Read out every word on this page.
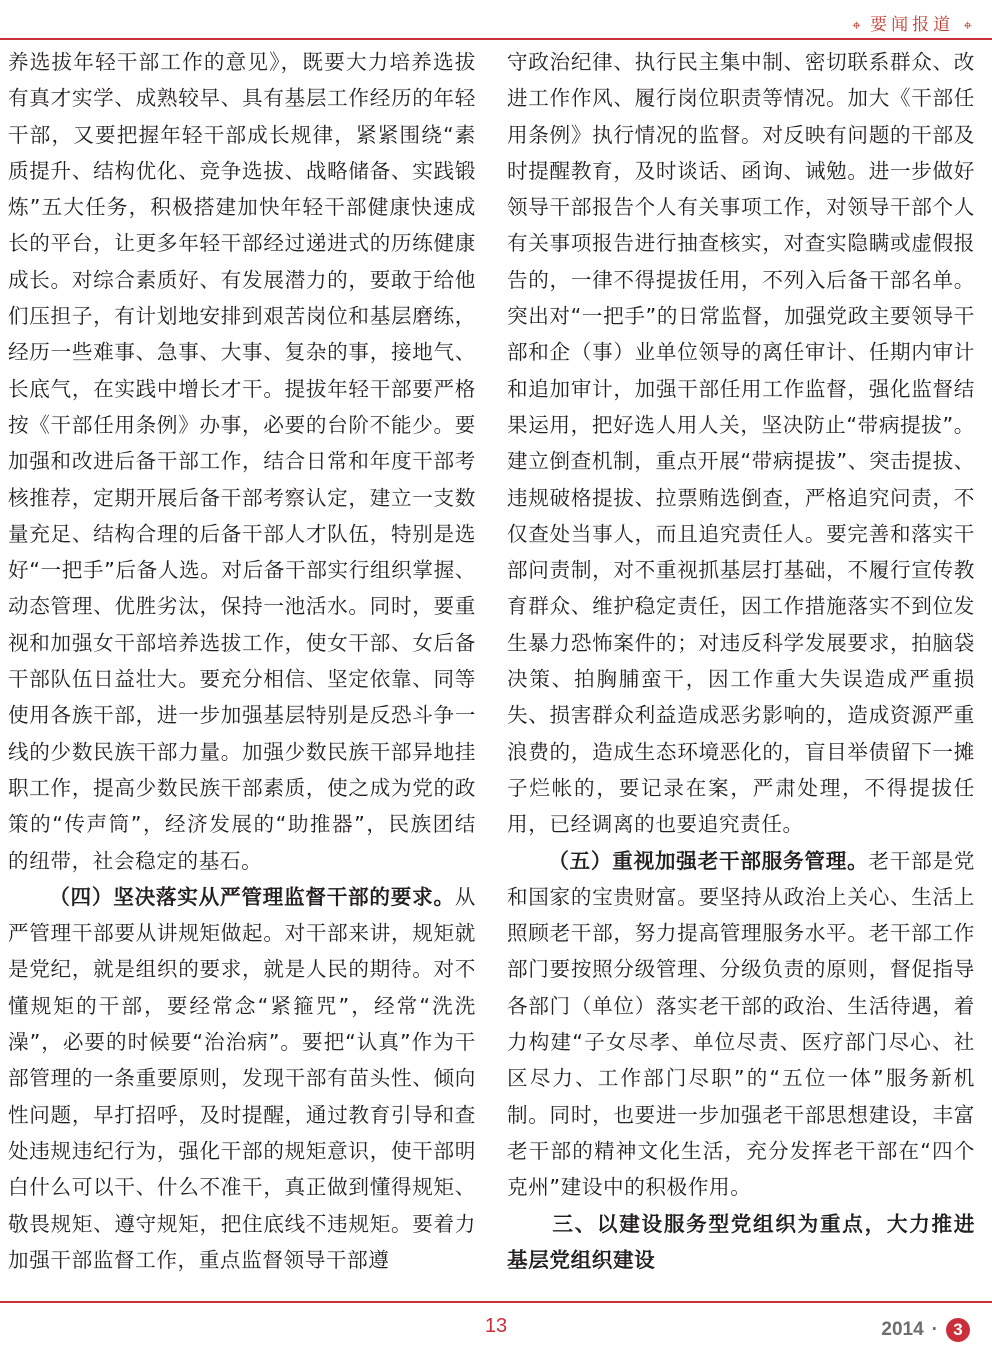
⌖ 要闻报道 ⌖

养选拔年轻干部工作的意见》，既要大力培养选拔有真才实学、成熟较早、具有基层工作经历的年轻干部，又要把握年轻干部成长规律，紧紧围绕“素质提升、结构优化、竞争选拔、战略储备、实践锻炼”五大任务，积极搭建加快年轻干部健康快速成长的平台，让更多年轻干部经过递进式的历练健康成长。对综合素质好、有发展潜力的，要敢于给他们压担子，有计划地安排到艰苦岗位和基层磨练，经历一些难事、急事、大事、复杂的事，接地气、长底气，在实践中增长才干。提拔年轻干部要严格按《干部任用条例》办事，必要的台阶不能少。要加强和改进后备干部工作，结合日常和年度干部考核推荐，定期开展后备干部考察认定，建立一支数量充足、结构合理的后备干部人才队伍，特别是选好“一把手”后备人选。对后备干部实行组织掌握、动态管理、优胜劣汰，保持一池活水。同时，要重视和加强女干部培养选拔工作，使女干部、女后备干部队伍日益壮大。要充分相信、坚定依靠、同等使用各族干部，进一步加强基层特别是反恐斗争一线的少数民族干部力量。加强少数民族干部异地挂职工作，提高少数民族干部素质，使之成为党的政策的“传声筒”，经济发展的“助推器”，民族团结的纽带，社会稳定的基石。

（四）坚决落实从严管理监督干部的要求。从严管理干部要从讲规矩做起。对干部来讲，规矩就是党纪，就是组织的要求，就是人民的期待。对不懂规矩的干部，要经常念“紧箍咒”，经常“洗洗澡”，必要的时候要“治治病”。要把“认真”作为干部管理的一条重要原则，发现干部有苗头性、倾向性问题，早打招呼，及时提醒，通过教育引导和查处违规违纪行为，强化干部的规矩意识，使干部明白什么可以干、什么不准干，真正做到懂得规矩、敬畏规矩、遵守规矩，把住底线不违规矩。要着力加强干部监督工作，重点监督领导干部遵

守政治纪律、执行民主集中制、密切联系群众、改进工作作风、履行岗位职责等情况。加大《干部任用条例》执行情况的监督。对反映有问题的干部及时提醒教育，及时谈话、函询、诫勉。进一步做好领导干部报告个人有关事项工作，对领导干部个人有关事项报告进行抽查核实，对查实隐瞒或虚假报告的，一律不得提拔任用，不列入后备干部名单。突出对“一把手”的日常监督，加强党政主要领导干部和企（事）业单位领导的离任审计、任期内审计和追加审计，加强干部任用工作监督，强化监督结果运用，把好选人用人关，坚决防止“带病提拔”。建立倒查机制，重点开展“带病提拔”、突击提拔、违规破格提拔、拉票贿选倒查，严格追究问责，不仅查处当事人，而且追究责任人。要完善和落实干部问责制，对不重视抓基层打基础，不履行宣传教育群众、维护稳定责任，因工作措施落实不到位发生暴力恐怖案件的；对违反科学发展要求，拍脑袋决策、拍胸脯蛮干，因工作重大失误造成严重损失、损害群众利益造成恶劣影响的，造成资源严重浪费的，造成生态环境恶化的，盲目举债留下一摊子烂帐的，要记录在案，严肃处理，不得提拔任用，已经调离的也要追究责任。

（五）重视加强老干部服务管理。老干部是党和国家的宝贵财富。要坚持从政治上关心、生活上照顾老干部，努力提高管理服务水平。老干部工作部门要按照分级管理、分级负责的原则，督促指导各部门（单位）落实老干部的政治、生活待遇，着力构建“子女尽孝、单位尽责、医疗部门尽心、社区尽力、工作部门尽职”的“五位一体”服务新机制。同时，也要进一步加强老干部思想建设，丰富老干部的精神文化生活，充分发挥老干部在“四个克州”建设中的积极作用。

三、以建设服务型党组织为重点，大力推进基层党组织建设

13	2014 · 3
